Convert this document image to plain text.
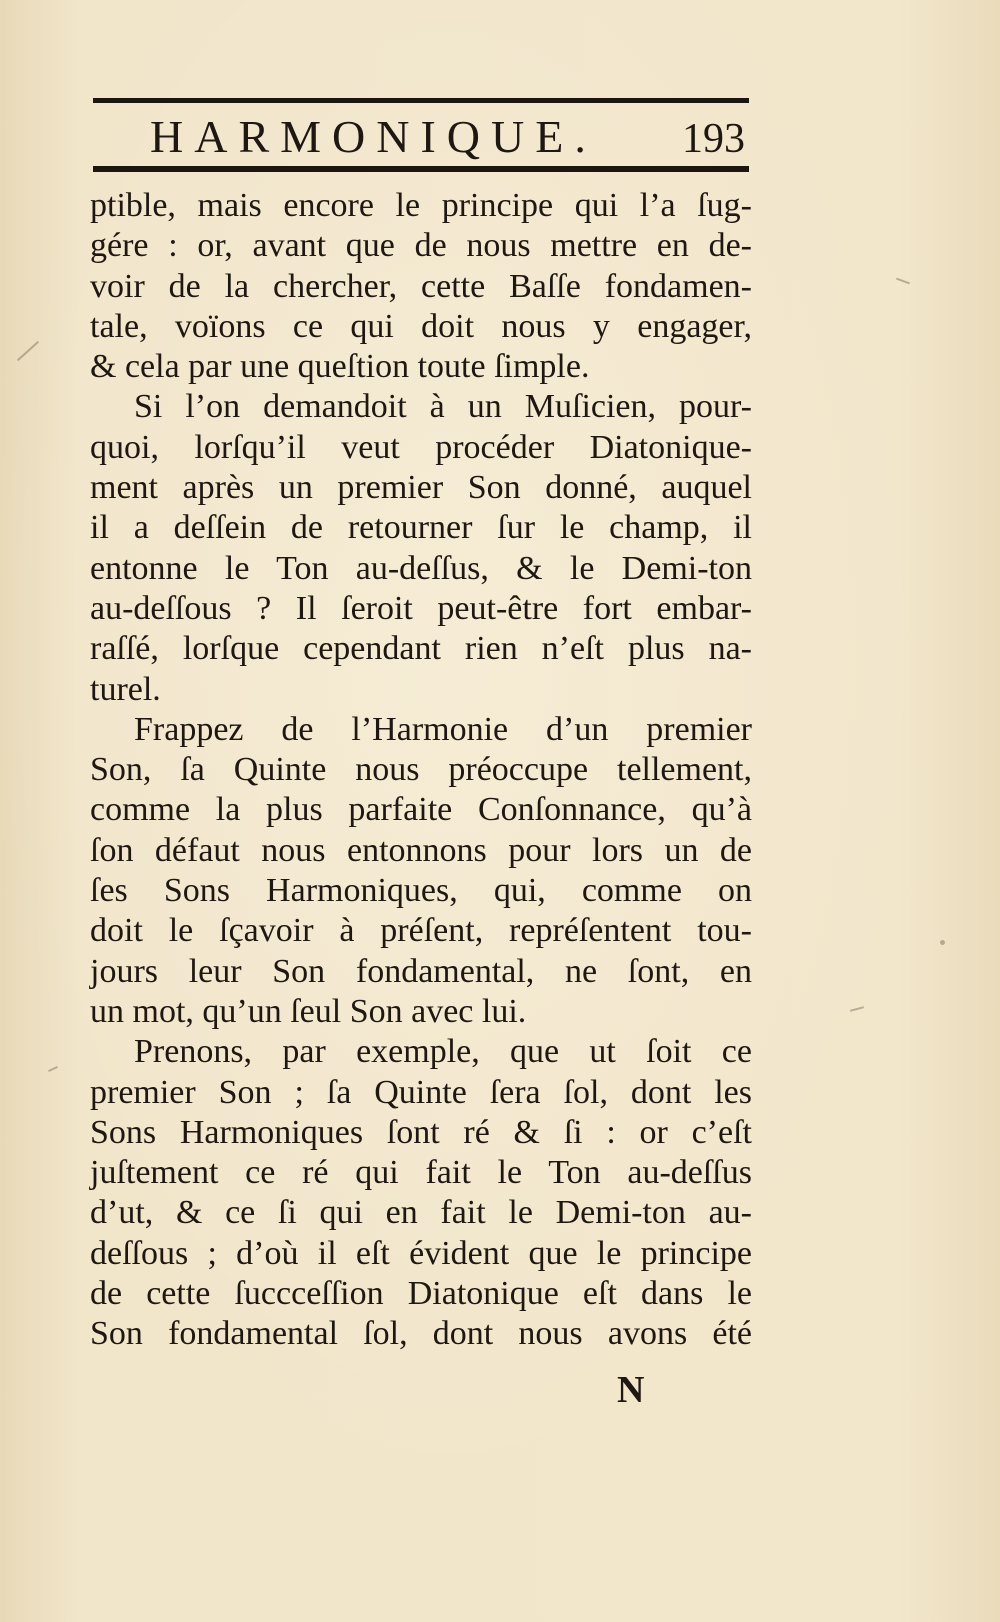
HARMONIQUE. 193
ptible, mais encore le principe qui l’a ſug-
gére : or, avant que de nous mettre en de-
voir de la chercher, cette Baſſe fondamen-
tale, voïons ce qui doit nous y engager,
& cela par une queſtion toute ſimple.
Si l’on demandoit à un Muſicien, pour-
quoi, lorſqu’il veut procéder Diatonique-
ment après un premier Son donné, auquel
il a deſſein de retourner ſur le champ, il
entonne le Ton au-deſſus, & le Demi-ton
au-deſſous ? Il ſeroit peut-être fort embar-
raſſé, lorſque cependant rien n’eſt plus na-
turel.
Frappez de l’Harmonie d’un premier
Son, ſa Quinte nous préoccupe tellement,
comme la plus parfaite Conſonnance, qu’à
ſon défaut nous entonnons pour lors un de
ſes Sons Harmoniques, qui, comme on
doit le ſçavoir à préſent, repréſentent tou-
jours leur Son fondamental, ne ſont, en
un mot, qu’un ſeul Son avec lui.
Prenons, par exemple, que ut ſoit ce
premier Son ; ſa Quinte ſera ſol, dont les
Sons Harmoniques ſont ré & ſi : or c’eſt
juſtement ce ré qui fait le Ton au-deſſus
d’ut, & ce ſi qui en fait le Demi-ton au-
deſſous ; d’où il eſt évident que le principe
de cette ſuccceſſion Diatonique eſt dans le
Son fondamental ſol, dont nous avons été
N
